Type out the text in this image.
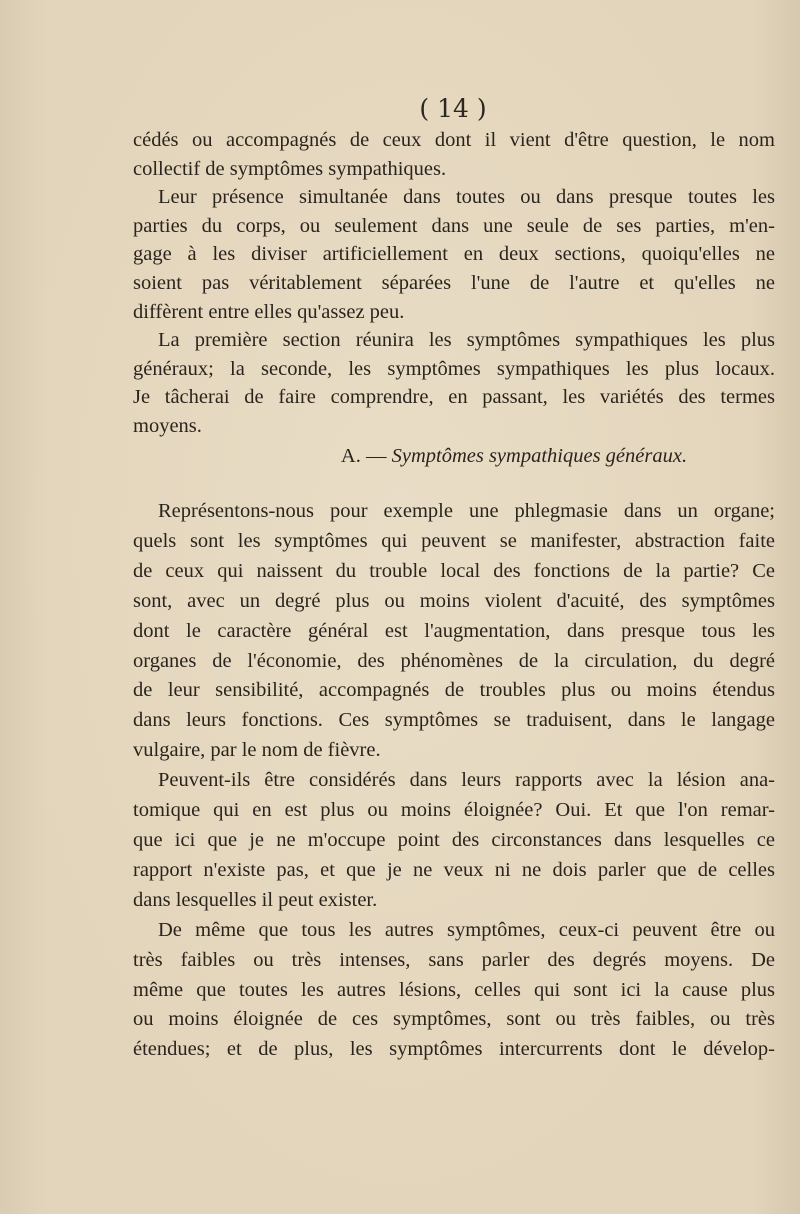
( 14 )
cédés ou accompagnés de ceux dont il vient d'être question, le nom
collectif de symptômes sympathiques.
Leur présence simultanée dans toutes ou dans presque toutes les
parties du corps, ou seulement dans une seule de ses parties, m'en-
gage à les diviser artificiellement en deux sections, quoiqu'elles ne
soient pas véritablement séparées l'une de l'autre et qu'elles ne
diffèrent entre elles qu'assez peu.
La première section réunira les symptômes sympathiques les plus
généraux; la seconde, les symptômes sympathiques les plus locaux.
Je tâcherai de faire comprendre, en passant, les variétés des termes
moyens.
A. — Symptômes sympathiques généraux.
Représentons-nous pour exemple une phlegmasie dans un organe;
quels sont les symptômes qui peuvent se manifester, abstraction faite
de ceux qui naissent du trouble local des fonctions de la partie? Ce
sont, avec un degré plus ou moins violent d'acuité, des symptômes
dont le caractère général est l'augmentation, dans presque tous les
organes de l'économie, des phénomènes de la circulation, du degré
de leur sensibilité, accompagnés de troubles plus ou moins étendus
dans leurs fonctions. Ces symptômes se traduisent, dans le langage
vulgaire, par le nom de fièvre.
Peuvent-ils être considérés dans leurs rapports avec la lésion ana-
tomique qui en est plus ou moins éloignée? Oui. Et que l'on remar-
que ici que je ne m'occupe point des circonstances dans lesquelles ce
rapport n'existe pas, et que je ne veux ni ne dois parler que de celles
dans lesquelles il peut exister.
De même que tous les autres symptômes, ceux-ci peuvent être ou
très faibles ou très intenses, sans parler des degrés moyens. De
même que toutes les autres lésions, celles qui sont ici la cause plus
ou moins éloignée de ces symptômes, sont ou très faibles, ou très
étendues; et de plus, les symptômes intercurrents dont le dévelop-
